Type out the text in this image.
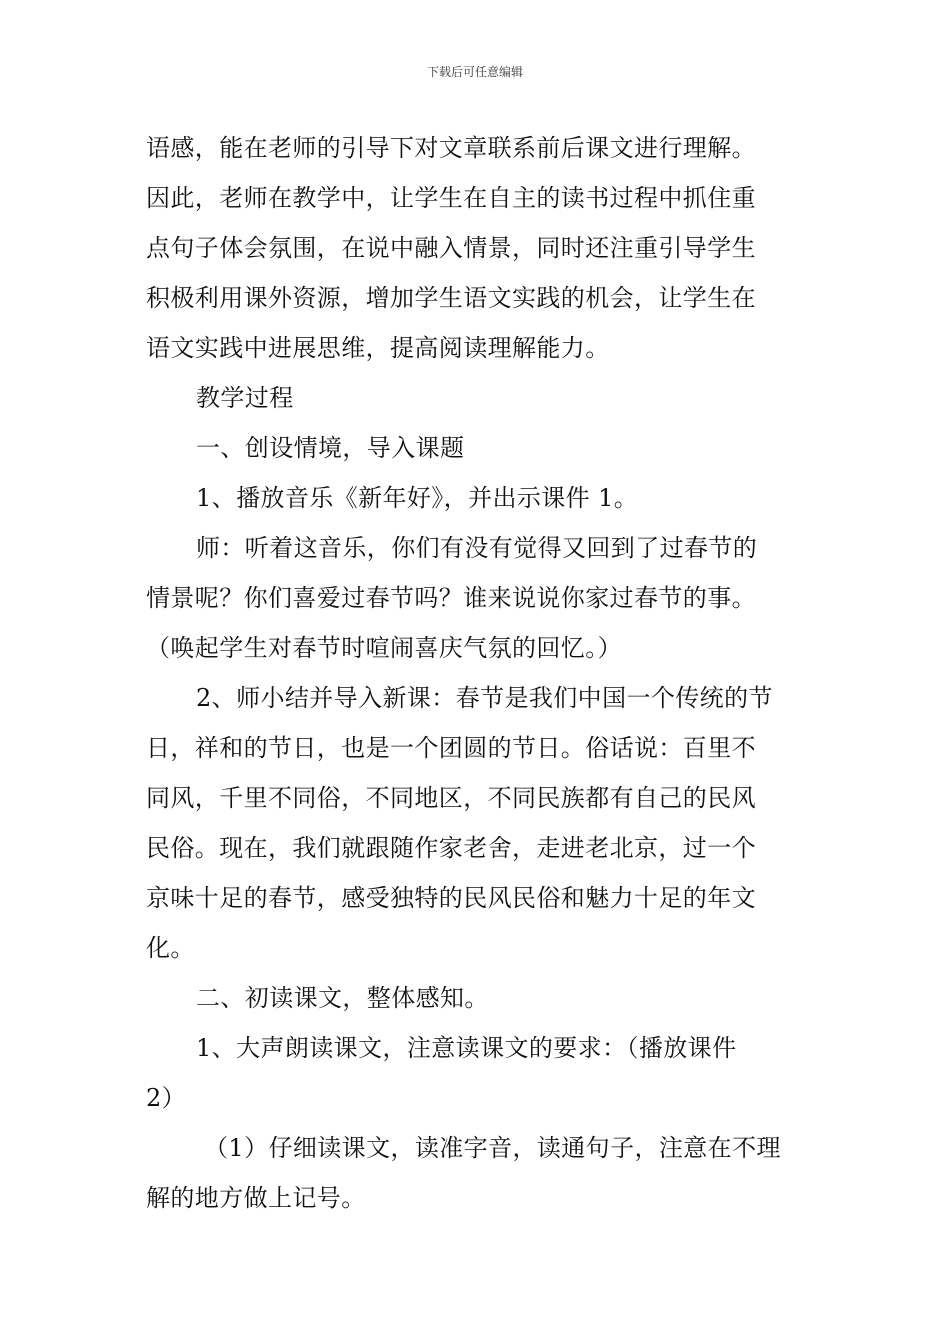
下载后可任意编辑
语感，能在老师的引导下对文章联系前后课文进行理解。
因此，老师在教学中，让学生在自主的读书过程中抓住重
点句子体会氛围，在说中融入情景，同时还注重引导学生
积极利用课外资源，增加学生语文实践的机会，让学生在
语文实践中进展思维，提高阅读理解能力。
教学过程
一、创设情境，导入课题
1、播放音乐《新年好》，并出示课件 1。
师：听着这音乐，你们有没有觉得又回到了过春节的
情景呢？你们喜爱过春节吗？谁来说说你家过春节的事。
（唤起学生对春节时喧闹喜庆气氛的回忆。）
2、师小结并导入新课：春节是我们中国一个传统的节
日，祥和的节日，也是一个团圆的节日。俗话说：百里不
同风，千里不同俗，不同地区，不同民族都有自己的民风
民俗。现在，我们就跟随作家老舍，走进老北京，过一个
京味十足的春节，感受独特的民风民俗和魅力十足的年文
化。
二、初读课文，整体感知。
1、大声朗读课文，注意读课文的要求：（播放课件
2）
（1）仔细读课文，读准字音，读通句子，注意在不理
解的地方做上记号。
